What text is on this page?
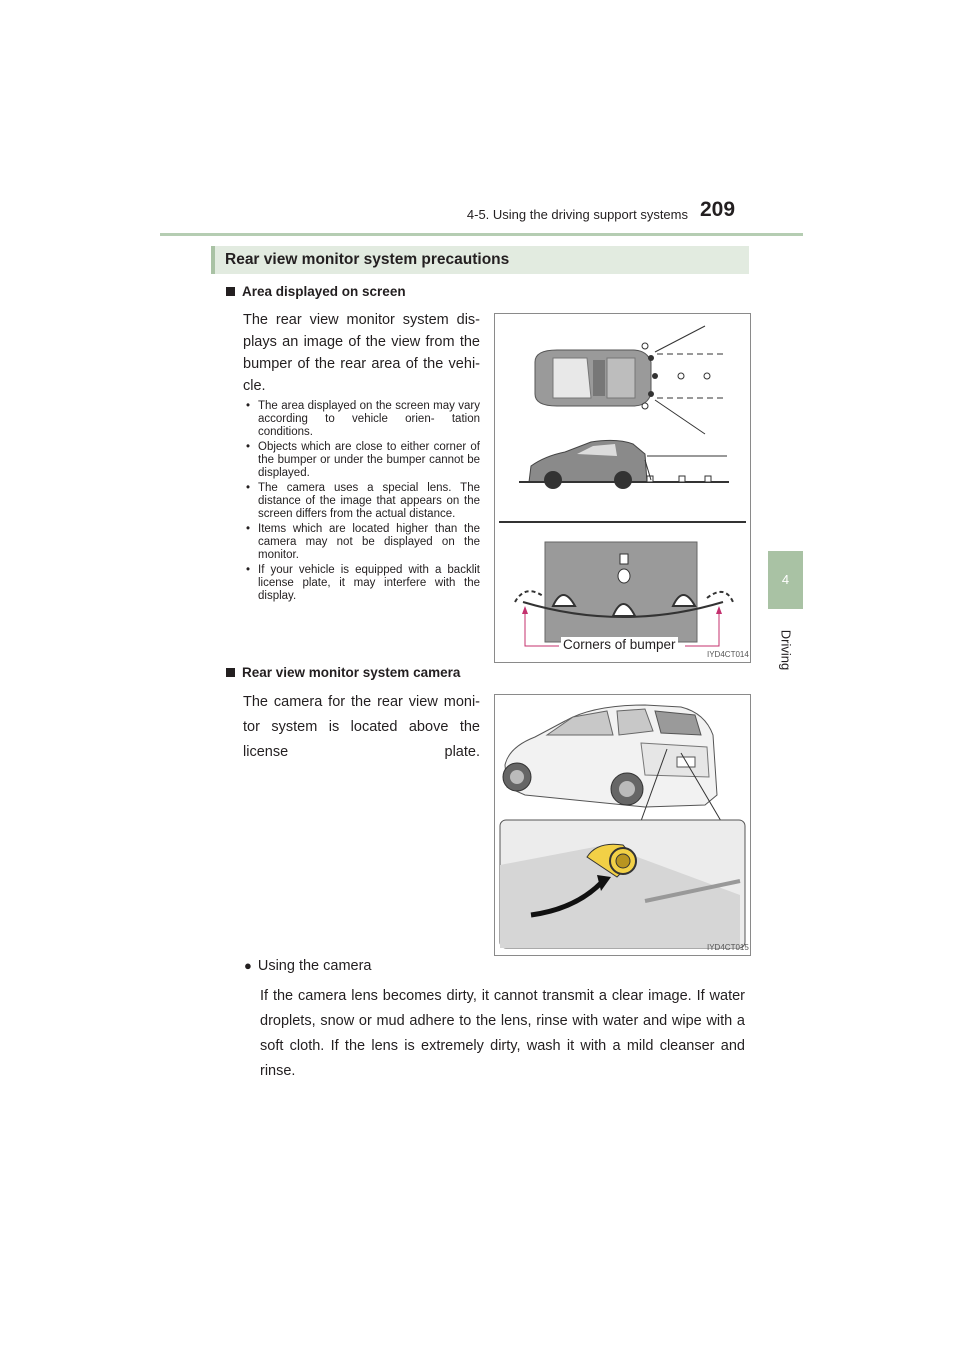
4-5. Using the driving support systems 209
4
Driving
Rear view monitor system precautions
Area displayed on screen
The rear view monitor system dis- plays an image of the view from the bumper of the rear area of the vehi- cle.
• The area displayed on the screen may vary according to vehicle orien- tation conditions.
• Objects which are close to either corner of the bumper or under the bumper cannot be displayed.
• The camera uses a special lens. The distance of the image that appears on the screen differs from the actual distance.
• Items which are located higher than the camera may not be displayed on the monitor.
• If your vehicle is equipped with a backlit license plate, it may interfere with the display.
Corners of bumper
IYD4CT014
Rear view monitor system camera
The camera for the rear view moni- tor system is located above the license plate.
IYD4CT015
● Using the camera
If the camera lens becomes dirty, it cannot transmit a clear image. If water droplets, snow or mud adhere to the lens, rinse with water and wipe with a soft cloth. If the lens is extremely dirty, wash it with a mild cleanser and rinse.
